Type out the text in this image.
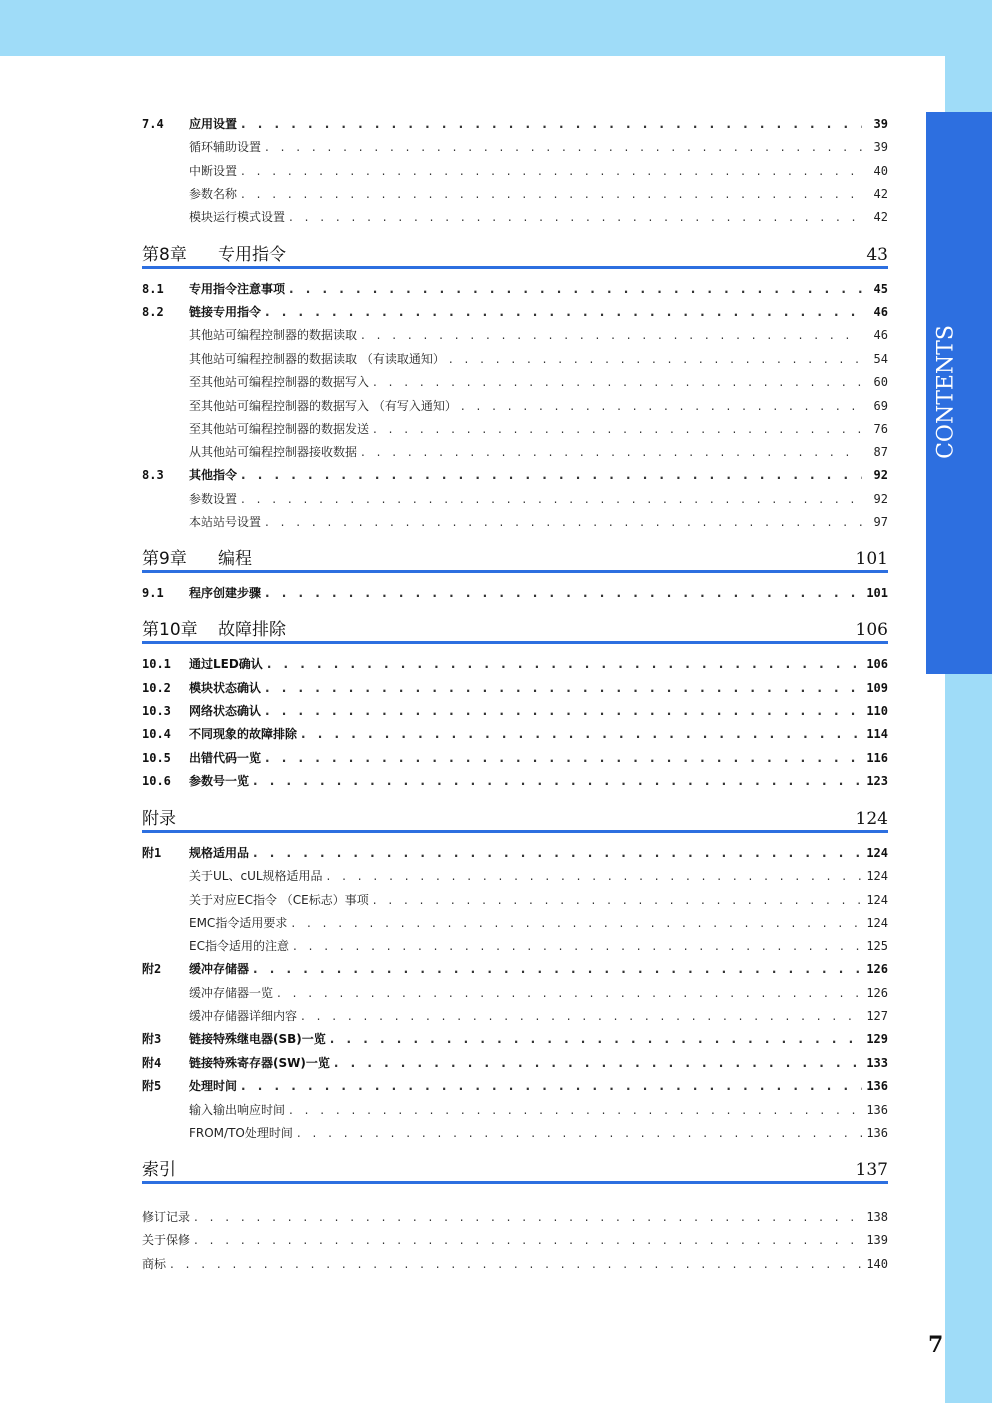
CONTENTS
7.4	应用设置 . . .	39
循环辅助设置 . . .	39
中断设置 . . .	40
参数名称 . . .	42
模块运行模式设置 . . .	42
第8章	专用指令	43
8.1	专用指令注意事项 . . .	45
8.2	链接专用指令 . . .	46
其他站可编程控制器的数据读取 . . .	46
其他站可编程控制器的数据读取 （有读取通知） . . .	54
至其他站可编程控制器的数据写入 . . .	60
至其他站可编程控制器的数据写入 （有写入通知） . . .	69
至其他站可编程控制器的数据发送 . . .	76
从其他站可编程控制器接收数据 . . .	87
8.3	其他指令 . . .	92
参数设置 . . .	92
本站站号设置 . . .	97
第9章	编程	101
9.1	程序创建步骤 . . .	101
第10章	故障排除	106
10.1	通过LED确认 . . .	106
10.2	模块状态确认 . . .	109
10.3	网络状态确认 . . .	110
10.4	不同现象的故障排除 . . .	114
10.5	出错代码一览 . . .	116
10.6	参数号一览 . . .	123
附录	124
附1	规格适用品 . . .	124
关于UL、cUL规格适用品 . . .	124
关于对应EC指令 （CE标志）事项 . . .	124
EMC指令适用要求 . . .	124
EC指令适用的注意 . . .	125
附2	缓冲存储器 . . .	126
缓冲存储器一览 . . .	126
缓冲存储器详细内容 . . .	127
附3	链接特殊继电器(SB)一览 . . .	129
附4	链接特殊寄存器(SW)一览 . . .	133
附5	处理时间 . . .	136
输入输出响应时间 . . .	136
FROM/TO处理时间 . . .	136
索引	137
修订记录 . . .	138
关于保修 . . .	139
商标 . . .	140
7
